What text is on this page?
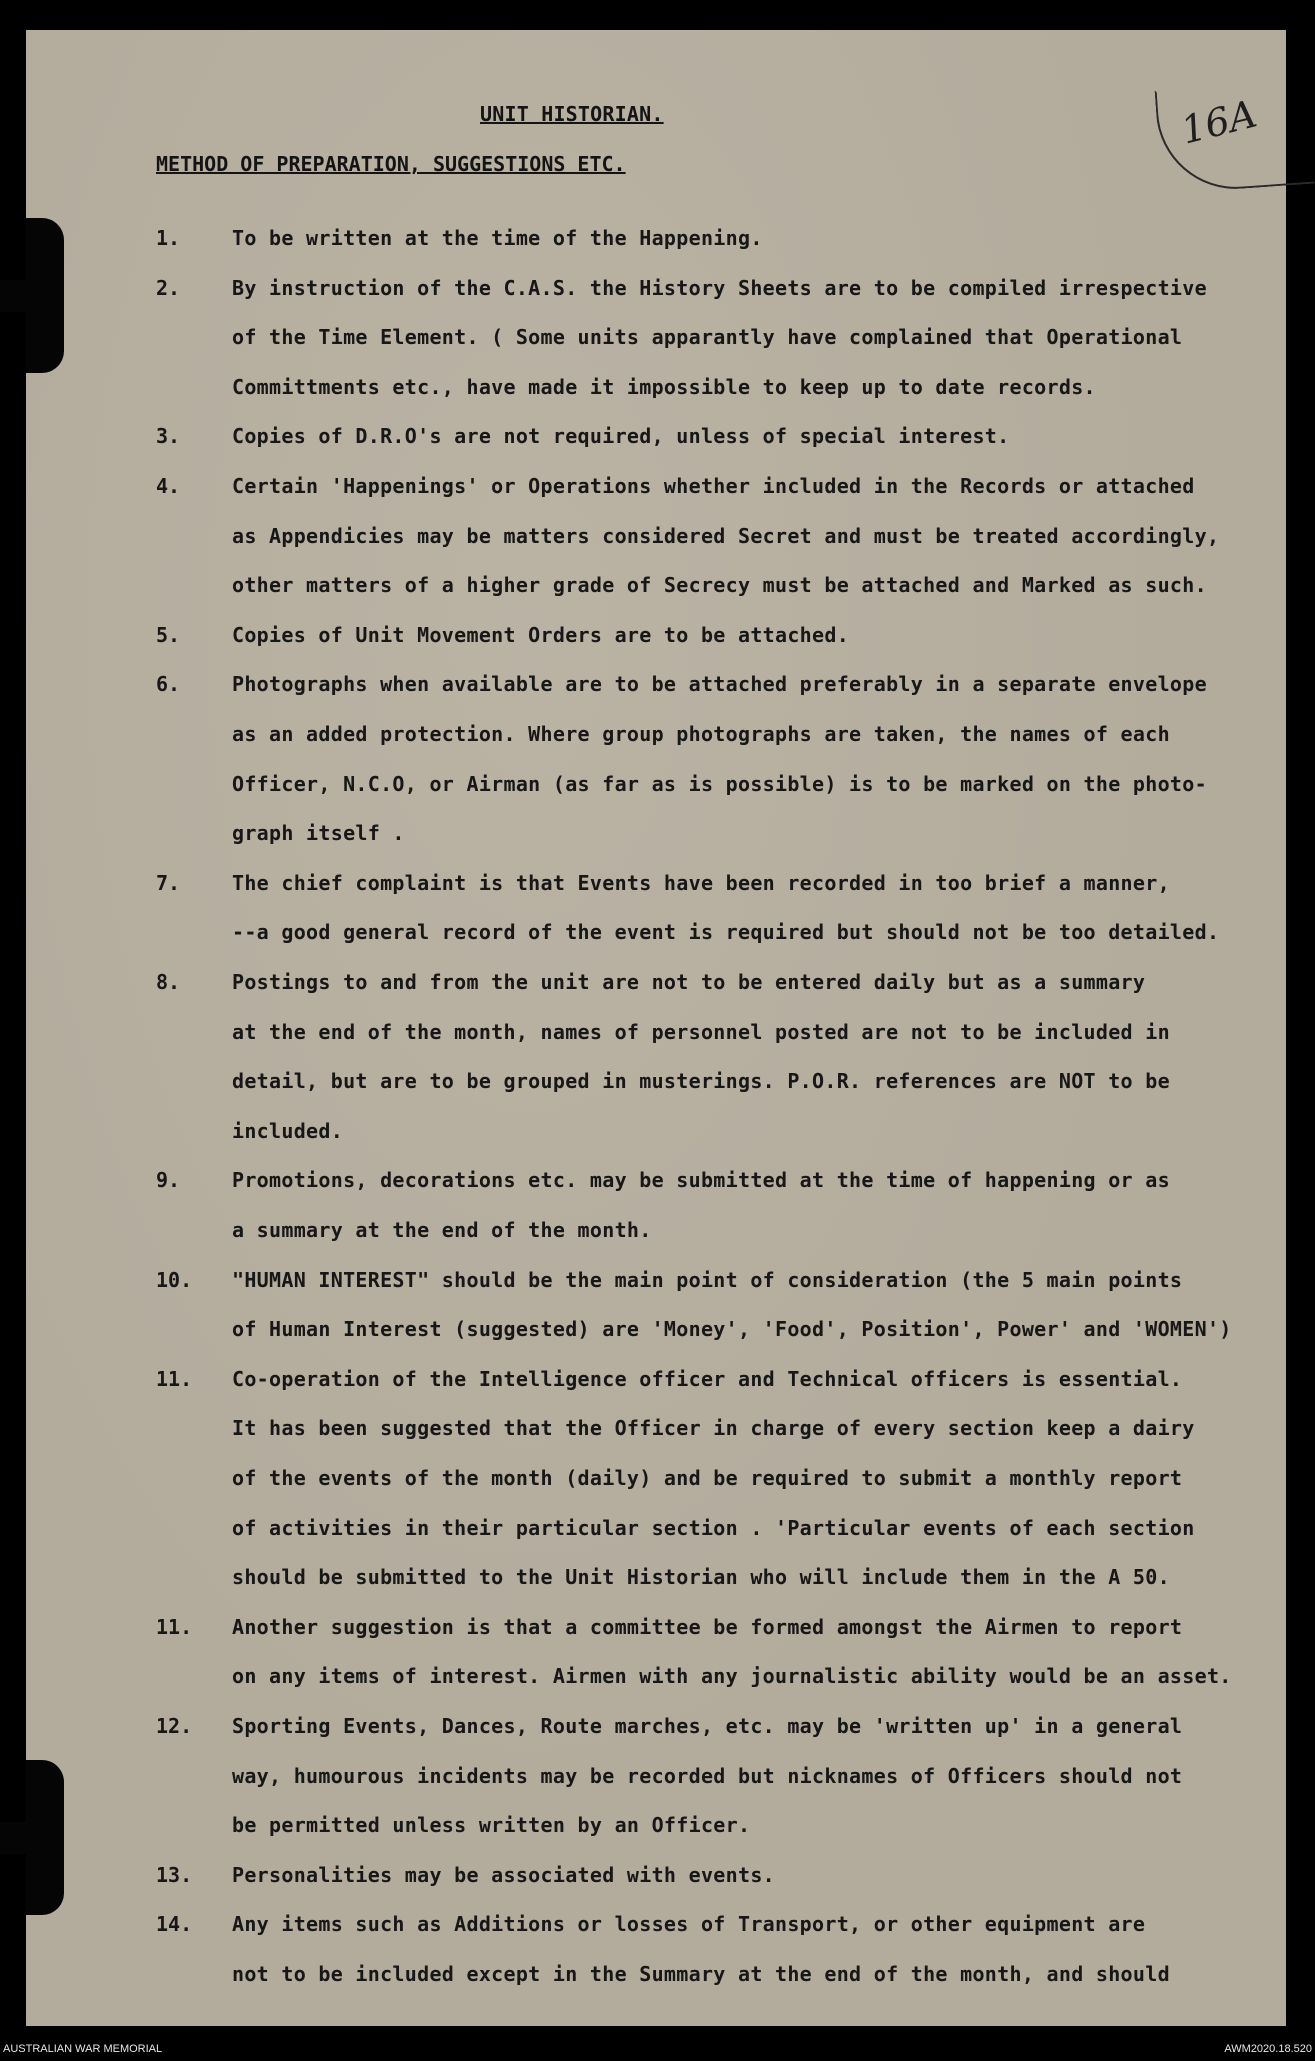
16A
UNIT HISTORIAN.
METHOD OF PREPARATION, SUGGESTIONS ETC.
1.	To be written at the time of the Happening.
2.	By instruction of the C.A.S. the History Sheets are to be compiled irrespective
of the Time Element. ( Some units apparantly have complained that Operational
Committments etc., have made it impossible to keep up to date records.
3.	Copies of D.R.O's are not required, unless of special interest.
4.	Certain 'Happenings' or Operations whether included in the Records or attached
as Appendicies may be matters considered Secret and must be treated accordingly,
other matters of a higher grade of Secrecy must be attached and Marked as such.
5.	Copies of Unit Movement Orders are to be attached.
6.	Photographs when available are to be attached preferably in a separate envelope
as an added protection. Where group photographs are taken, the names of each
Officer, N.C.O, or Airman (as far as is possible) is to be marked on the photo-
graph itself .
7.	The chief complaint is that Events have been recorded in too brief a manner,
--a good general record of the event is required but should not be too detailed.
8.	Postings to and from the unit are not to be entered daily but as a summary
at the end of the month, names of personnel posted are not to be included in
detail, but are to be grouped in musterings. P.O.R. references are NOT to be
included.
9.	Promotions, decorations etc. may be submitted at the time of happening or as
a summary at the end of the month.
10. "HUMAN INTEREST" should be the main point of consideration (the 5 main points
of Human Interest (suggested) are 'Money', 'Food', Position', Power' and 'WOMEN')
11. Co-operation of the Intelligence officer and Technical officers is essential.
It has been suggested that the Officer in charge of every section keep a dairy
of the events of the month (daily) and be required to submit a monthly report
of activities in their particular section . 'Particular events of each section
should be submitted to the Unit Historian who will include them in the A 50.
11. Another suggestion is that a committee be formed amongst the Airmen to report
on any items of interest. Airmen with any journalistic ability would be an asset.
12. Sporting Events, Dances, Route marches, etc. may be 'written up' in a general
way, humourous incidents may be recorded but nicknames of Officers should not
be permitted unless written by an Officer.
13. Personalities may be associated with events.
14. Any items such as Additions or losses of Transport, or other equipment are
not to be included except in the Summary at the end of the month, and should
AUSTRALIAN WAR MEMORIAL	AWM2020.18.520
